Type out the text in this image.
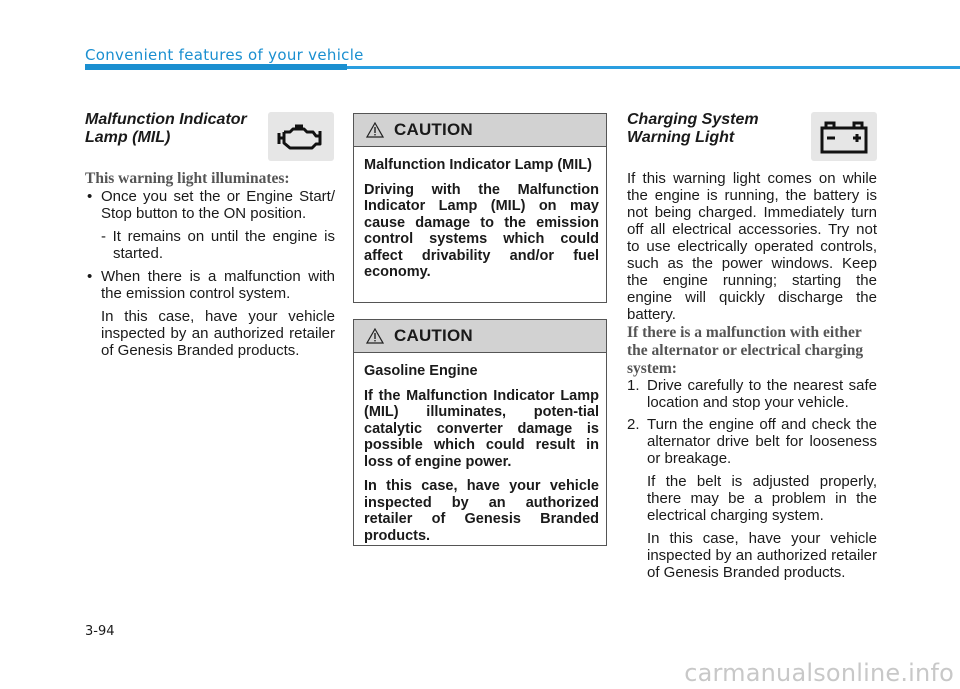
Convenient features of your vehicle
Malfunction Indicator
Lamp (MIL)
This warning light illuminates:
• Once you set the or Engine Start/ Stop button to the ON position.
- It remains on until the engine is started.
• When there is a malfunction with the emission control system.
In this case, have your vehicle inspected by an authorized retailer of Genesis Branded products.
CAUTION

Malfunction Indicator Lamp (MIL)

Driving with the Malfunction Indicator Lamp (MIL) on may cause damage to the emission control systems which could affect drivability and/or fuel economy.

CAUTION

Gasoline Engine

If the Malfunction Indicator Lamp (MIL) illuminates, poten-tial catalytic converter damage is possible which could result in loss of engine power.

In this case, have your vehicle inspected by an authorized retailer of Genesis Branded products.

Charging System
Warning Light
If this warning light comes on while the engine is running, the battery is not being charged. Immediately turn off all electrical accessories. Try not to use electrically operated controls, such as the power windows. Keep the engine running; starting the engine will quickly discharge the battery.
If there is a malfunction with either the alternator or electrical charging system:
1. Drive carefully to the nearest safe location and stop your vehicle.
2. Turn the engine off and check the alternator drive belt for looseness or breakage.
If the belt is adjusted properly, there may be a problem in the electrical charging system.
In this case, have your vehicle inspected by an authorized retailer of Genesis Branded products.
3-94
carmanualsonline.info
